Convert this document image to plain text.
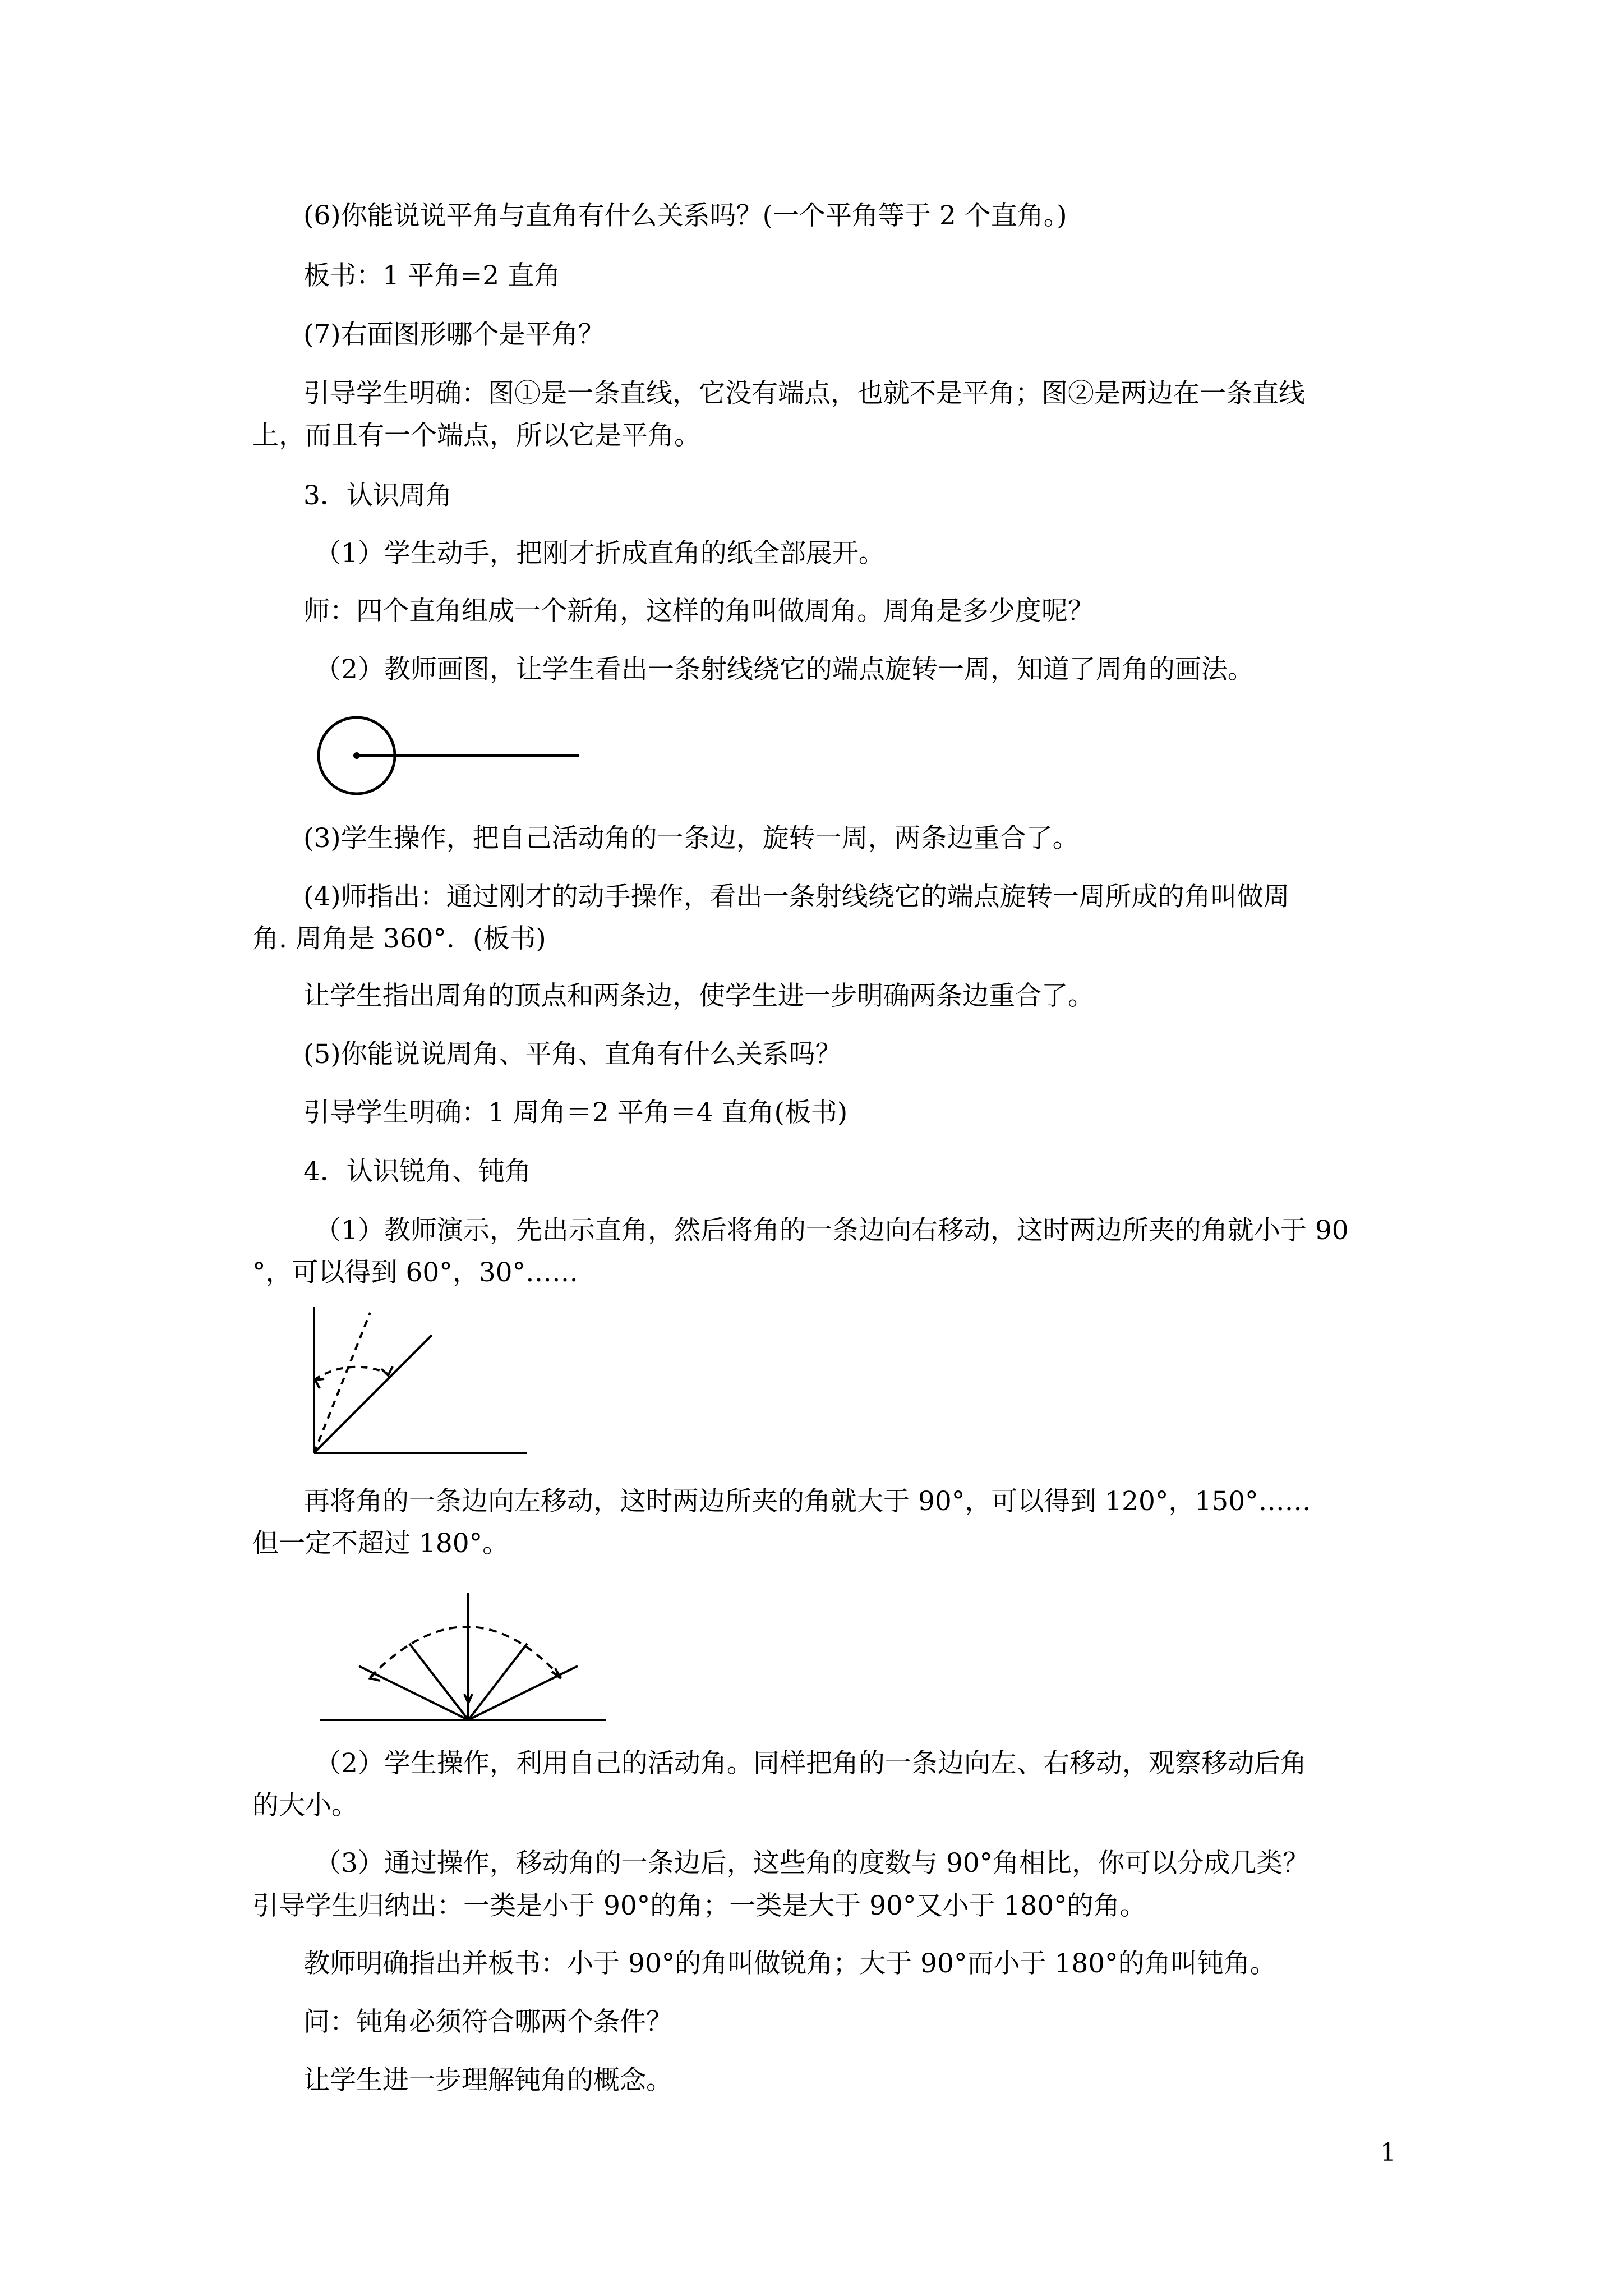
(6)你能说说平角与直角有什么关系吗？(一个平角等于 2 个直角。)
板书：1 平角=2 直角
(7)右面图形哪个是平角？
引导学生明确：图①是一条直线，它没有端点，也就不是平角；图②是两边在一条直线
上，而且有一个端点，所以它是平角。
3．认识周角
（1）学生动手，把刚才折成直角的纸全部展开。
师：四个直角组成一个新角，这样的角叫做周角。周角是多少度呢？
（2）教师画图，让学生看出一条射线绕它的端点旋转一周，知道了周角的画法。
(3)学生操作，把自己活动角的一条边，旋转一周，两条边重合了。
(4)师指出：通过刚才的动手操作，看出一条射线绕它的端点旋转一周所成的角叫做周
角. 周角是 360°．(板书)
让学生指出周角的顶点和两条边，使学生进一步明确两条边重合了。
(5)你能说说周角、平角、直角有什么关系吗？
引导学生明确：1 周角＝2 平角＝4 直角(板书)
4．认识锐角、钝角
（1）教师演示，先出示直角，然后将角的一条边向右移动，这时两边所夹的角就小于 90
°，可以得到 60°，30°……
再将角的一条边向左移动，这时两边所夹的角就大于 90°，可以得到 120°，150°……
但一定不超过 180°。
（2）学生操作，利用自己的活动角。同样把角的一条边向左、右移动，观察移动后角
的大小。
（3）通过操作，移动角的一条边后，这些角的度数与 90°角相比，你可以分成几类？
引导学生归纳出：一类是小于 90°的角；一类是大于 90°又小于 180°的角。
教师明确指出并板书：小于 90°的角叫做锐角；大于 90°而小于 180°的角叫钝角。
问：钝角必须符合哪两个条件？
让学生进一步理解钝角的概念。
1
